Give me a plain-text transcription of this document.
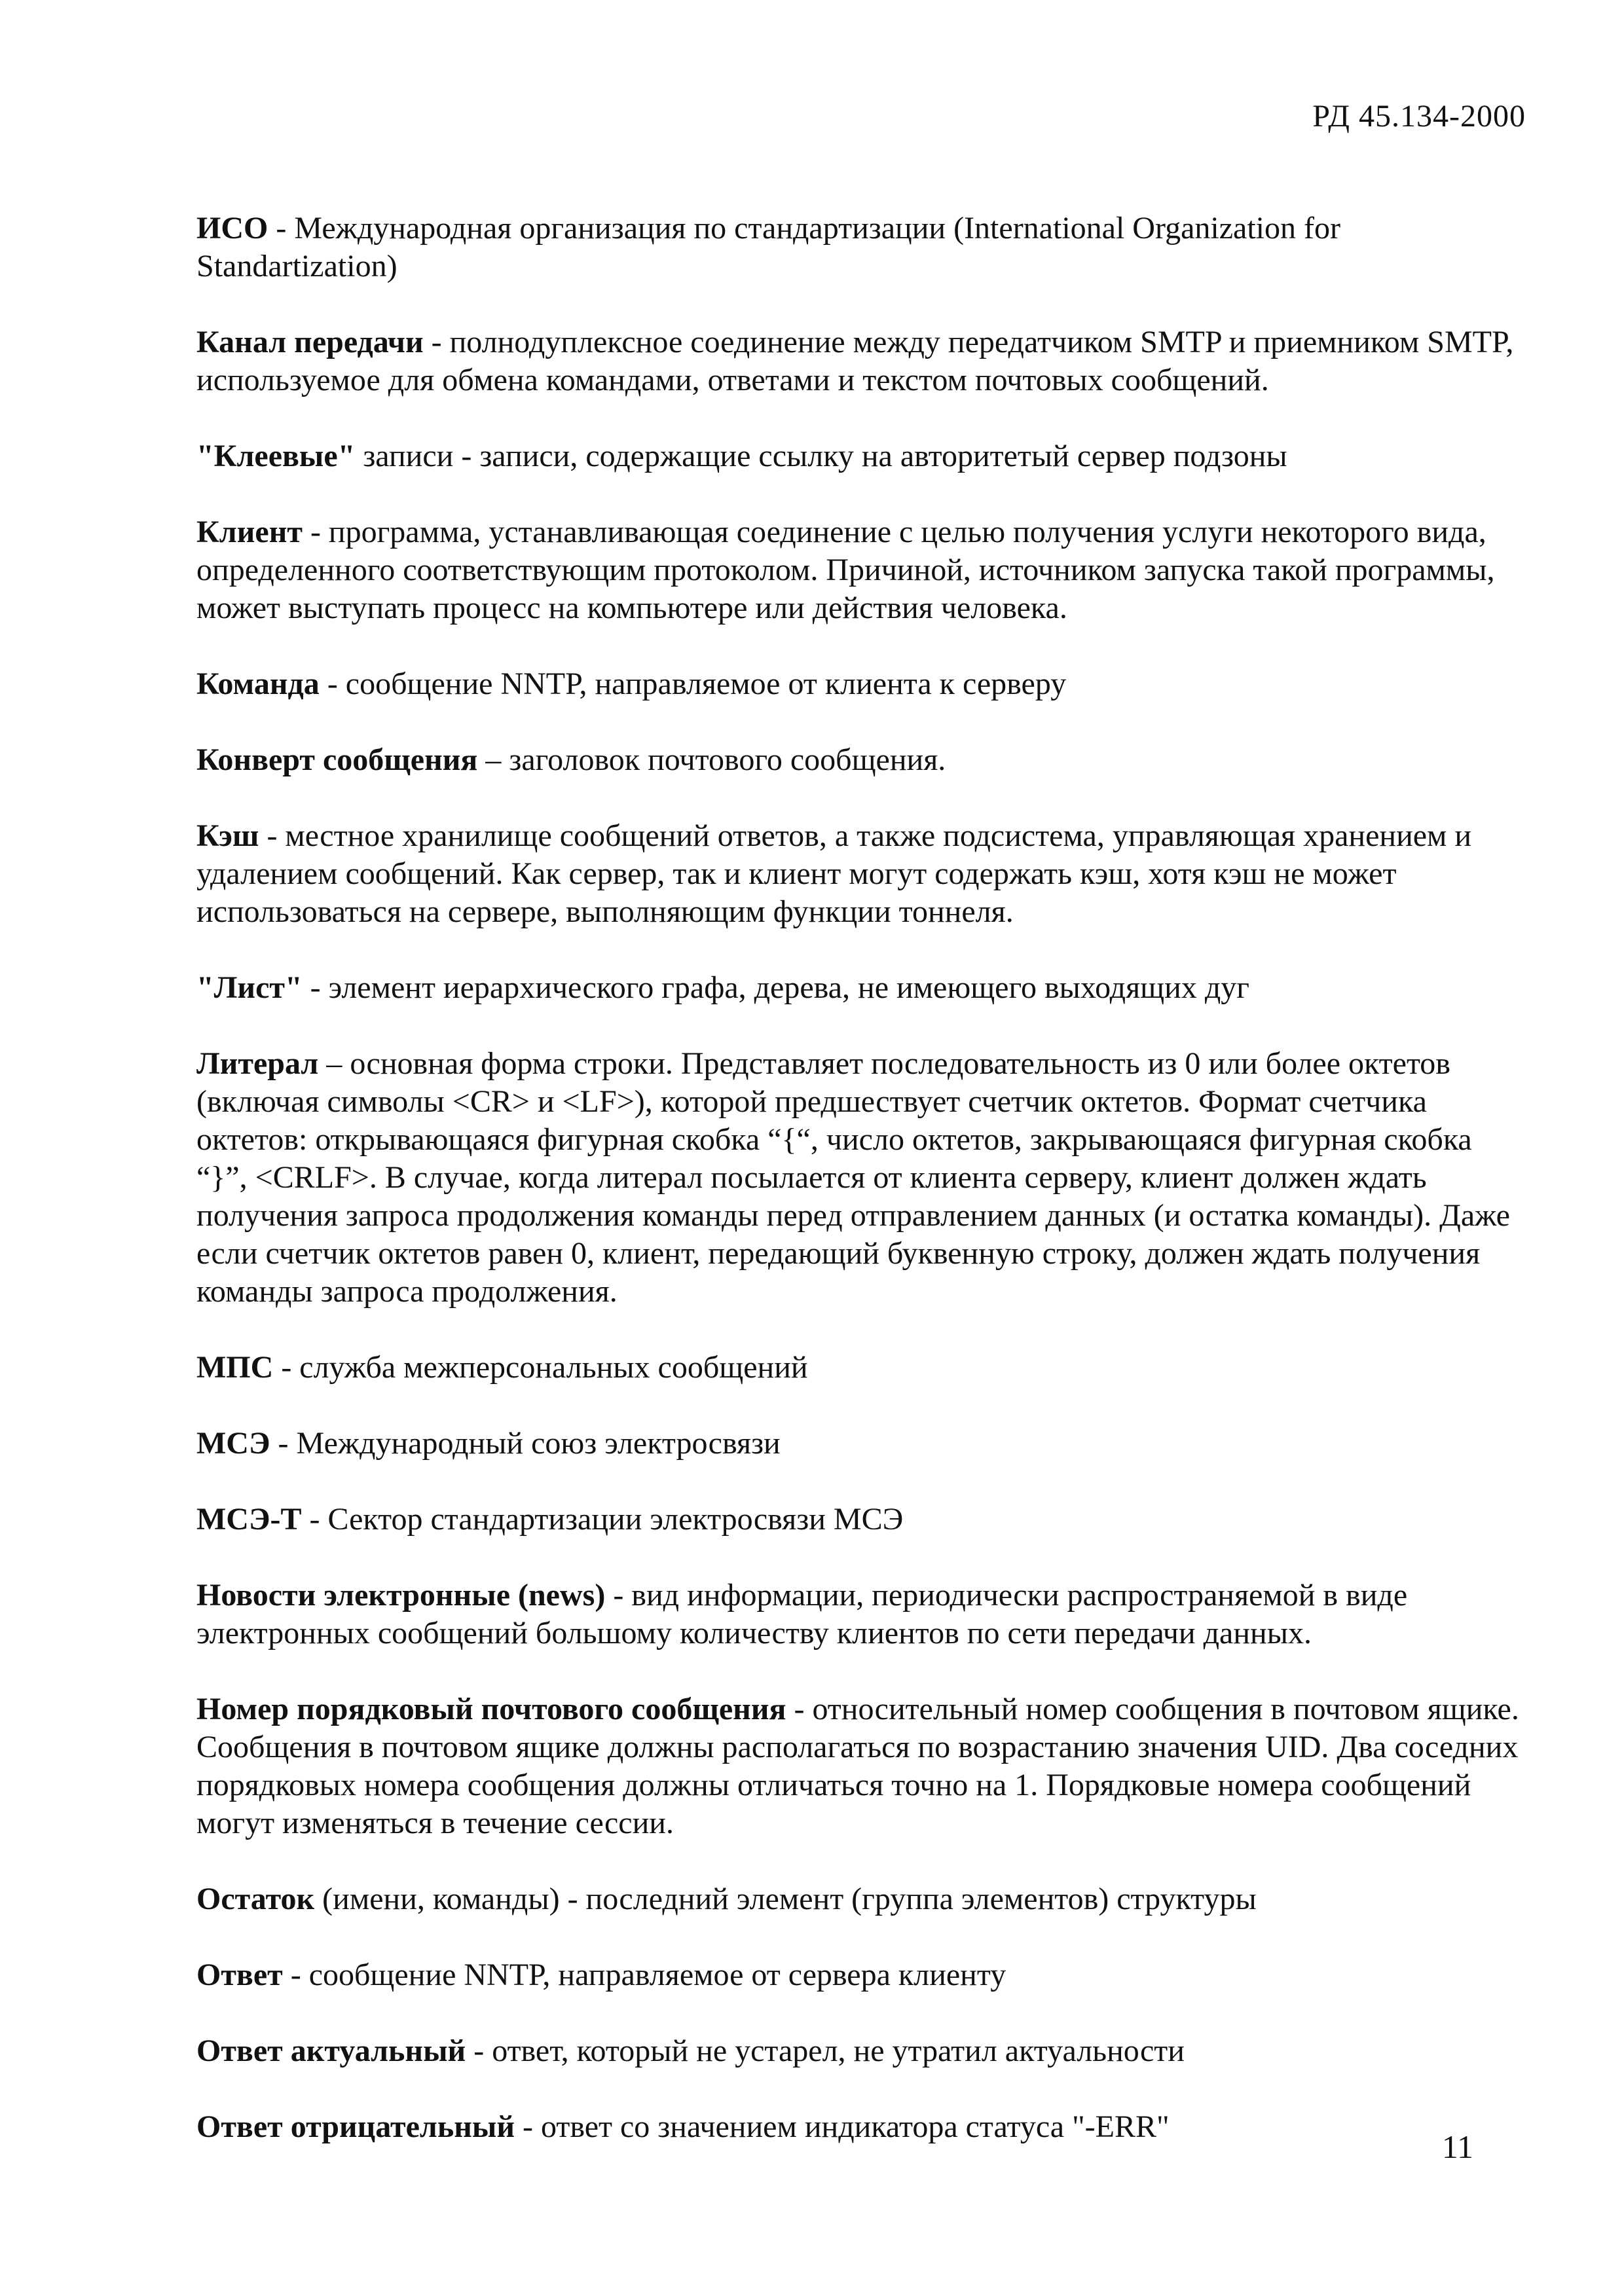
РД 45.134-2000

ИСО - Международная организация по стандартизации (International Organization for Standartization)

Канал передачи - полнодуплексное соединение между передатчиком SMTP и приемником SMTP, используемое для обмена командами, ответами и текстом почтовых сообщений.

"Клеевые" записи - записи, содержащие ссылку на авторитетый сервер подзоны

Клиент - программа, устанавливающая соединение с целью получения услуги некоторого вида, определенного соответствующим протоколом. Причиной, источником запуска такой программы, может выступать процесс на компьютере или действия человека.

Команда - сообщение NNTP, направляемое от клиента к серверу

Конверт сообщения – заголовок почтового сообщения.

Кэш - местное хранилище сообщений ответов, а также подсистема, управляющая хранением и удалением сообщений. Как сервер, так и клиент могут содержать кэш, хотя кэш не может использоваться на сервере, выполняющим функции тоннеля.

"Лист" - элемент иерархического графа, дерева, не имеющего выходящих дуг

Литерал – основная форма строки. Представляет последовательность из 0 или более октетов (включая символы <CR> и <LF>), которой предшествует счетчик октетов. Формат счетчика октетов: открывающаяся фигурная скобка “{“, число октетов, закрывающаяся фигурная скобка “}”, <CRLF>. В случае, когда литерал посылается от клиента серверу, клиент должен ждать получения запроса продолжения команды перед отправлением данных (и остатка команды). Даже если счетчик октетов равен 0, клиент, передающий буквенную строку, должен ждать получения команды запроса продолжения.

МПС - служба межперсональных сообщений

МСЭ - Международный союз электросвязи

МСЭ-Т - Сектор стандартизации электросвязи МСЭ

Новости электронные (news) - вид информации, периодически распространяемой в виде электронных сообщений большому количеству клиентов по сети передачи данных.

Номер порядковый почтового сообщения - относительный номер сообщения в почтовом ящике. Сообщения в почтовом ящике должны располагаться по возрастанию значения UID. Два соседних порядковых номера сообщения должны отличаться точно на 1. Порядковые номера сообщений могут изменяться в течение сессии.

Остаток (имени, команды) - последний элемент (группа элементов) структуры

Ответ - сообщение NNTP, направляемое от сервера клиенту

Ответ актуальный - ответ, который не устарел, не утратил актуальности

Ответ отрицательный - ответ со значением индикатора статуса "-ERR"

11
